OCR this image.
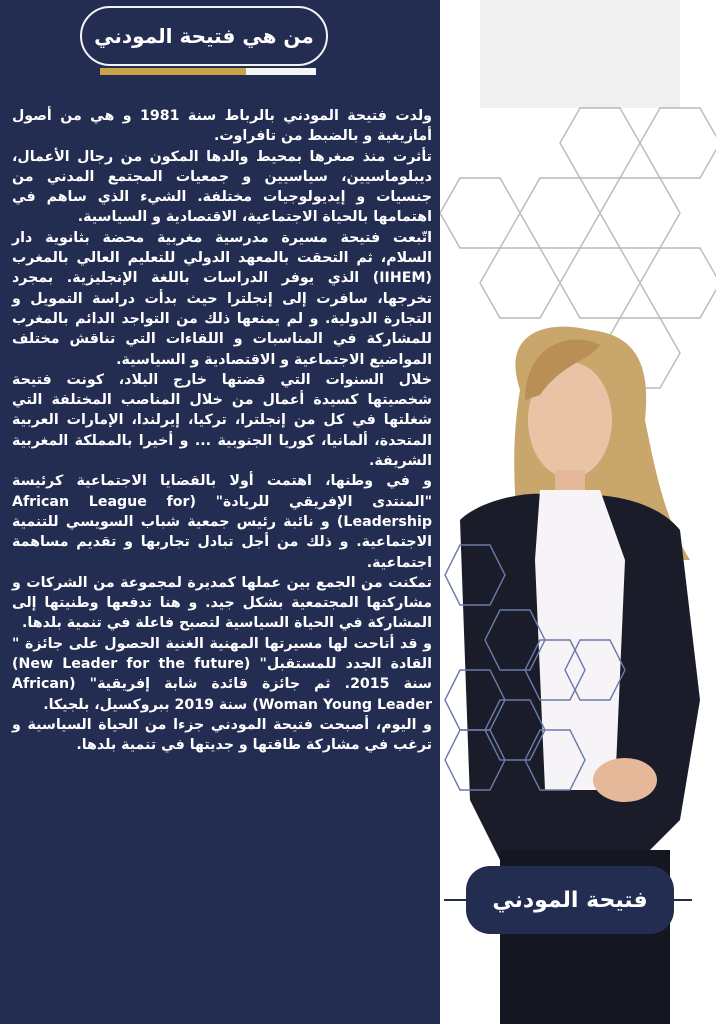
من هي فتيحة المودني

ولدت فتيحة المودني بالرباط سنة 1981 و هي من أصول أمازيغية و بالضبط من تافراوت.

تأثرت منذ صغرها بمحيط والدها المكون من رجال الأعمال، ديبلوماسيين، سياسيين و جمعيات المجتمع المدني من جنسيات و إيديولوجيات مختلفة. الشيء الذي ساهم في اهتمامها بالحياة الاجتماعية، الاقتصادية و السياسية.

اتّبعت فتيحة مسيرة مدرسية مغربية محضة بثانوية دار السلام، ثم التحقت بالمعهد الدولي للتعليم العالي بالمغرب (IIHEM) الذي يوفر الدراسات باللغة الإنجليزية. بمجرد تخرجها، سافرت إلى إنجلترا حيث بدأت دراسة التمويل و التجارة الدولية. و لم يمنعها ذلك من التواجد الدائم بالمغرب للمشاركة في المناسبات و اللقاءات التي تناقش مختلف المواضيع الاجتماعية و الاقتصادية و السياسية.

خلال السنوات التي قضتها خارج البلاد، كونت فتيحة شخصيتها كسيدة أعمال من خلال المناصب المختلفة التي شغلتها في كل من إنجلترا، تركيا، إيرلندا، الإمارات العربية المتحدة، ألمانيا، كوريا الجنوبية ... و أخيرا بالمملكة المغربية الشريفة.

و في وطنها، اهتمت أولا بالقضايا الاجتماعية كرئيسة "المنتدى الإفريقي للريادة" (African League for Leadership) و نائبة رئيس جمعية شباب السويسي للتنمية الاجتماعية. و ذلك من أجل تبادل تجاربها و تقديم مساهمة اجتماعية.

تمكنت من الجمع بين عملها كمديرة لمجموعة من الشركات و مشاركتها المجتمعية بشكل جيد. و هنا تدفعها وطنيتها إلى المشاركة في الحياة السياسية لتصبح فاعلة في تنمية بلدها.

و قد أتاحت لها مسيرتها المهنية الغنية الحصول على جائزة " القادة الجدد للمستقبل" (New Leader for the future) سنة 2015. ثم جائزة قائدة شابة إفريقية" (African Woman Young Leader) سنة 2019 ببروكسيل، بلجيكا.

و اليوم، أصبحت فتيحة المودني جزءا من الحياة السياسية و ترغب في مشاركة طاقتها و جديتها في تنمية بلدها.

فتيحة المودني
